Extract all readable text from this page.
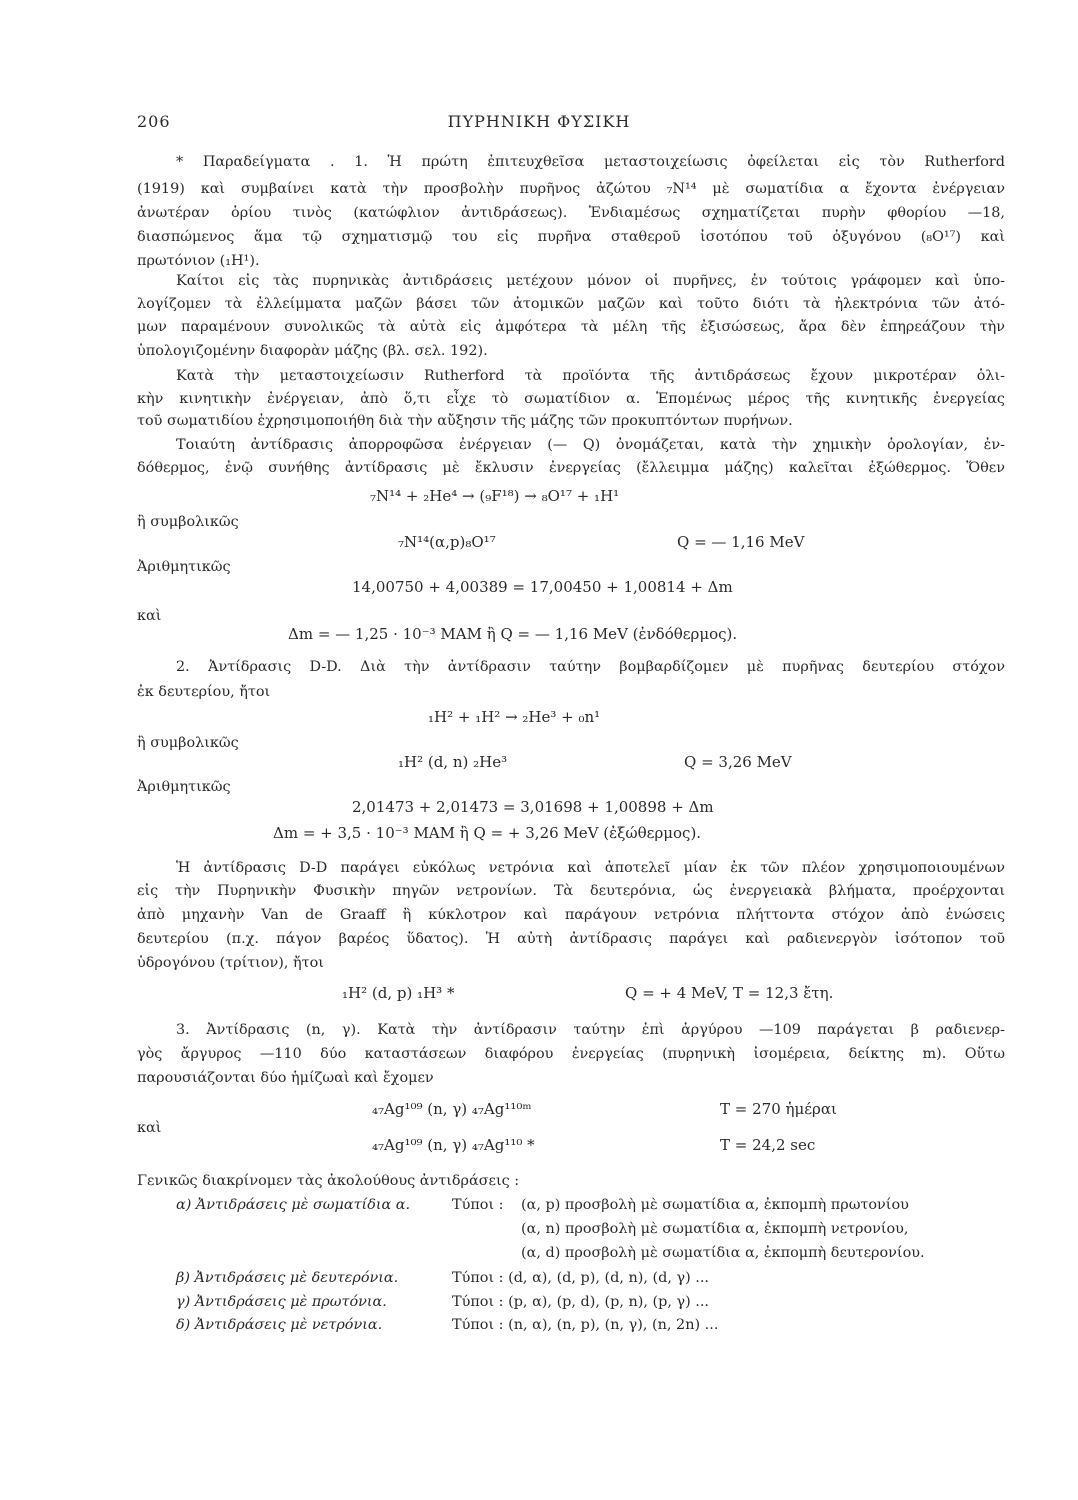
206	ΠΥΡΗΝΙΚΗ ΦΥΣΙΚΗ
* Παραδείγματα . 1. Ἡ πρώτη ἐπιτευχθεῖσα μεταστοιχείωσις ὀφείλεται εἰς τὸν Rutherford
(1919) καὶ συμβαίνει κατὰ τὴν προσβολὴν πυρῆνος ἀζώτου ₇N¹⁴ μὲ σωματίδια α ἔχοντα ἐνέργειαν
ἀνωτέραν ὁρίου τινὸς (κατώφλιον ἀντιδράσεως). Ἐνδιαμέσως σχηματίζεται πυρὴν φθορίου —18,
διασπώμενος ἅμα τῷ σχηματισμῷ του εἰς πυρῆνα σταθεροῦ ἰσοτόπου τοῦ ὀξυγόνου (₈O¹⁷) καὶ
πρωτόνιον (₁H¹).
Καίτοι εἰς τὰς πυρηνικὰς ἀντιδράσεις μετέχουν μόνον οἱ πυρῆνες, ἐν τούτοις γράφομεν καὶ ὑπο-
λογίζομεν τὰ ἐλλείμματα μαζῶν βάσει τῶν ἀτομικῶν μαζῶν καὶ τοῦτο διότι τὰ ἠλεκτρόνια τῶν ἀτό-
μων παραμένουν συνολικῶς τὰ αὐτὰ εἰς ἀμφότερα τὰ μέλη τῆς ἐξισώσεως, ἄρα δὲν ἐπηρεάζουν τὴν
ὑπολογιζομένην διαφορὰν μάζης (βλ. σελ. 192).
Κατὰ τὴν μεταστοιχείωσιν Rutherford τὰ προϊόντα τῆς ἀντιδράσεως ἔχουν μικροτέραν ὁλι-
κὴν κινητικὴν ἐνέργειαν, ἀπὸ ὅ,τι εἶχε τὸ σωματίδιον α. Ἑπομένως μέρος τῆς κινητικῆς ἐνεργείας
τοῦ σωματιδίου ἐχρησιμοποιήθη διὰ τὴν αὔξησιν τῆς μάζης τῶν προκυπτόντων πυρήνων.
Τοιαύτη ἀντίδρασις ἀπορροφῶσα ἐνέργειαν (— Q) ὀνομάζεται, κατὰ τὴν χημικὴν ὁρολογίαν, ἐν-
δόθερμος, ἐνῷ συνήθης ἀντίδρασις μὲ ἔκλυσιν ἐνεργείας (ἔλλειμμα μάζης) καλεῖται ἐξώθερμος. Ὅθεν
₇N¹⁴ + ₂He⁴ → (₉F¹⁸) → ₈O¹⁷ + ₁H¹
ἢ συμβολικῶς
₇N¹⁴(α,p)₈O¹⁷	Q = — 1,16 MeV
Ἀριθμητικῶς
14,00750 + 4,00389 = 17,00450 + 1,00814 + Δm
καὶ
Δm = — 1,25 · 10⁻³ MAM ἢ Q = — 1,16 MeV (ἐνδόθερμος).
2. Ἀντίδρασις D-D. Διὰ τὴν ἀντίδρασιν ταύτην βομβαρδίζομεν μὲ πυρῆνας δευτερίου στόχον
ἐκ δευτερίου, ἤτοι
₁H² + ₁H² → ₂He³ + ₀n¹
ἢ συμβολικῶς
₁H² (d, n) ₂He³	Q = 3,26 MeV
Ἀριθμητικῶς
2,01473 + 2,01473 = 3,01698 + 1,00898 + Δm
Δm = + 3,5 · 10⁻³ MAM ἢ Q = + 3,26 MeV (ἐξώθερμος).
Ἡ ἀντίδρασις D-D παράγει εὐκόλως νετρόνια καὶ ἀποτελεῖ μίαν ἐκ τῶν πλέον χρησιμοποιουμένων
εἰς τὴν Πυρηνικὴν Φυσικὴν πηγῶν νετρονίων. Τὰ δευτερόνια, ὡς ἐνεργειακὰ βλήματα, προέρχονται
ἀπὸ μηχανὴν Van de Graaff ἢ κύκλοτρον καὶ παράγουν νετρόνια πλήττοντα στόχον ἀπὸ ἑνώσεις
δευτερίου (π.χ. πάγον βαρέος ὕδατος). Ἡ αὐτὴ ἀντίδρασις παράγει καὶ ραδιενεργὸν ἰσότοπον τοῦ
ὑδρογόνου (τρίτιον), ἤτοι
₁H² (d, p) ₁H³ *	Q = + 4 MeV, T = 12,3 ἔτη.
3. Ἀντίδρασις (n, γ). Κατὰ τὴν ἀντίδρασιν ταύτην ἐπὶ ἀργύρου —109 παράγεται β ραδιενερ-
γὸς ἄργυρος —110 δύο καταστάσεων διαφόρου ἐνεργείας (πυρηνικὴ ἰσομέρεια, δείκτης m). Οὕτω
παρουσιάζονται δύο ἡμίζωαὶ καὶ ἔχομεν
₄₇Ag¹⁰⁹ (n, γ) ₄₇Ag¹¹⁰ᵐ	T = 270 ἡμέραι
καὶ
₄₇Ag¹⁰⁹ (n, γ) ₄₇Ag¹¹⁰ *	T = 24,2 sec
Γενικῶς διακρίνομεν τὰς ἀκολούθους ἀντιδράσεις :
α) Ἀντιδράσεις μὲ σωματίδια α.	Τύποι : (α, p) προσβολὴ μὲ σωματίδια α, ἐκπομπὴ πρωτονίου
(α, n) προσβολὴ μὲ σωματίδια α, ἐκπομπὴ νετρονίου,
(α, d) προσβολὴ μὲ σωματίδια α, ἐκπομπὴ δευτερονίου.
β) Ἀντιδράσεις μὲ δευτερόνια.	Τύποι : (d, α), (d, p), (d, n), (d, γ) ...
γ) Ἀντιδράσεις μὲ πρωτόνια.	Τύποι : (p, α), (p, d), (p, n), (p, γ) ...
δ) Ἀντιδράσεις μὲ νετρόνια.	Τύποι : (n, α), (n, p), (n, γ), (n, 2n) ...
